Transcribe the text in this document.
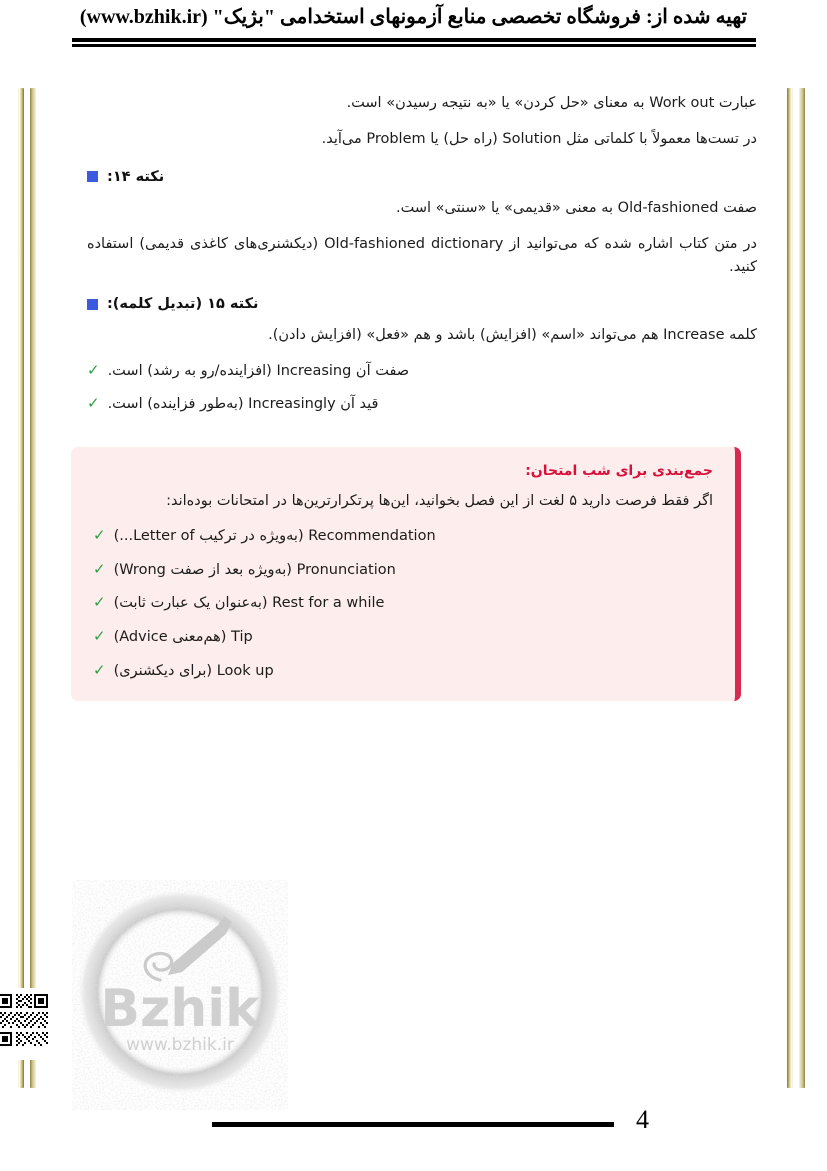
تهیه شده از: فروشگاه تخصصی منابع آزمونهای استخدامی "بژیک" (www.bzhik.ir)

عبارت Work out به معنای «حل کردن» یا «به نتیجه رسیدن» است.

در تست‌ها معمولاً با کلماتی مثل Solution (راه حل) یا Problem می‌آید.

نکته ۱۴:

صفت Old-fashioned به معنی «قدیمی» یا «سنتی» است.

در متن کتاب اشاره شده که می‌توانید از Old-fashioned dictionary (دیکشنری‌های کاغذی قدیمی) استفاده کنید.

نکته ۱۵ (تبدیل کلمه):

کلمه Increase هم می‌تواند «اسم» (افزایش) باشد و هم «فعل» (افزایش دادن).

✓ صفت آن Increasing (افزاینده/رو به رشد) است.
✓ قید آن Increasingly (به‌طور فزاینده) است.
جمع‌بندی برای شب امتحان:
اگر فقط فرصت دارید ۵ لغت از این فصل بخوانید، این‌ها پرتکرارترین‌ها در امتحانات بوده‌اند:
✓ Recommendation (به‌ویژه در ترکیب Letter of...)
✓ Pronunciation (به‌ویژه بعد از صفت Wrong)
✓ Rest for a while (به‌عنوان یک عبارت ثابت)
✓ Tip (هم‌معنی Advice)
✓ Look up (برای دیکشنری)
Bzhik
www.bzhik.ir
4
